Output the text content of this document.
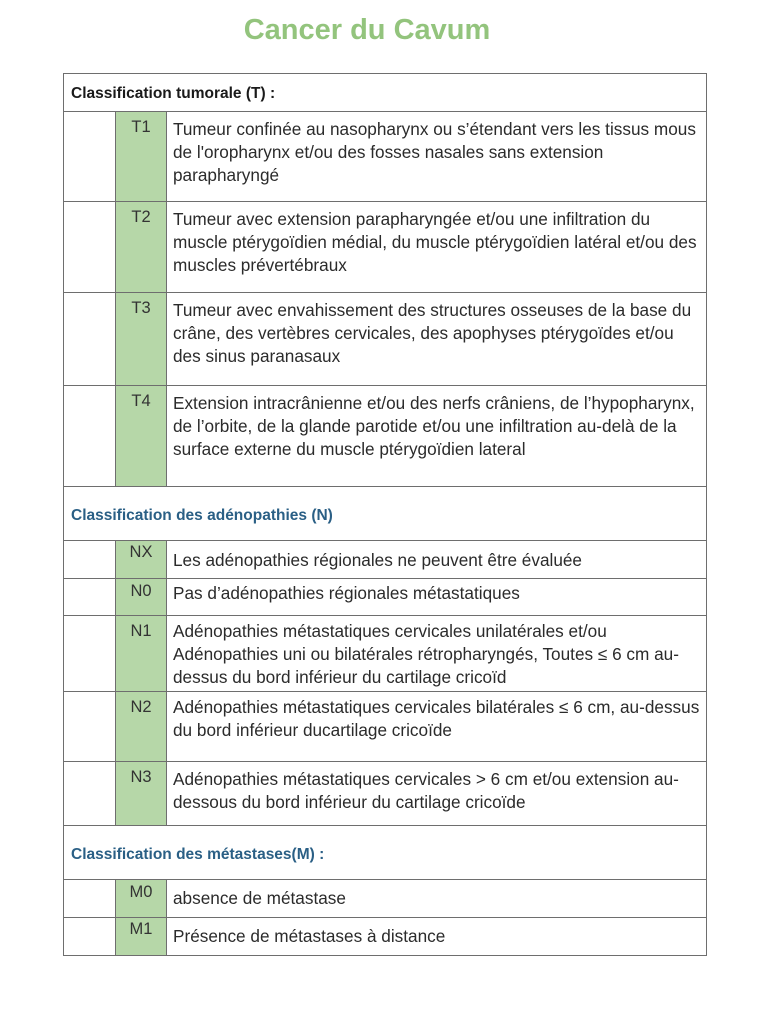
Cancer du Cavum
Classification tumorale (T) :		
	T1	Tumeur confinée au nasopharynx ou s’étendant vers les tissus mous de l'oropharynx et/ou des fosses nasales sans extension parapharyngé
	T2	Tumeur avec extension parapharyngée et/ou une infiltration du muscle ptérygoïdien médial, du muscle ptérygoïdien latéral et/ou des muscles prévertébraux
	T3	Tumeur avec envahissement des structures osseuses de la base du crâne, des vertèbres cervicales, des apophyses ptérygoïdes et/ou des sinus paranasaux
	T4	Extension intracrânienne et/ou des nerfs crâniens, de l’hypopharynx, de l’orbite, de la glande parotide et/ou une infiltration au-delà de la surface externe du muscle ptérygoïdien lateral
Classification des adénopathies (N)		
	NX	Les adénopathies régionales ne peuvent être évaluée
	N0	Pas d’adénopathies régionales métastatiques
	N1	Adénopathies métastatiques cervicales unilatérales et/ou Adénopathies uni ou bilatérales rétropharyngés, Toutes ≤ 6 cm au-dessus du bord inférieur du cartilage cricoïd
	N2	Adénopathies métastatiques cervicales bilatérales ≤ 6 cm, au-dessus du bord inférieur ducartilage cricoïde
	N3	Adénopathies métastatiques cervicales > 6 cm et/ou extension au-dessous du bord inférieur du cartilage cricoïde
Classification des métastases(M) :		
	M0	absence de métastase
	M1	Présence de métastases à distance
